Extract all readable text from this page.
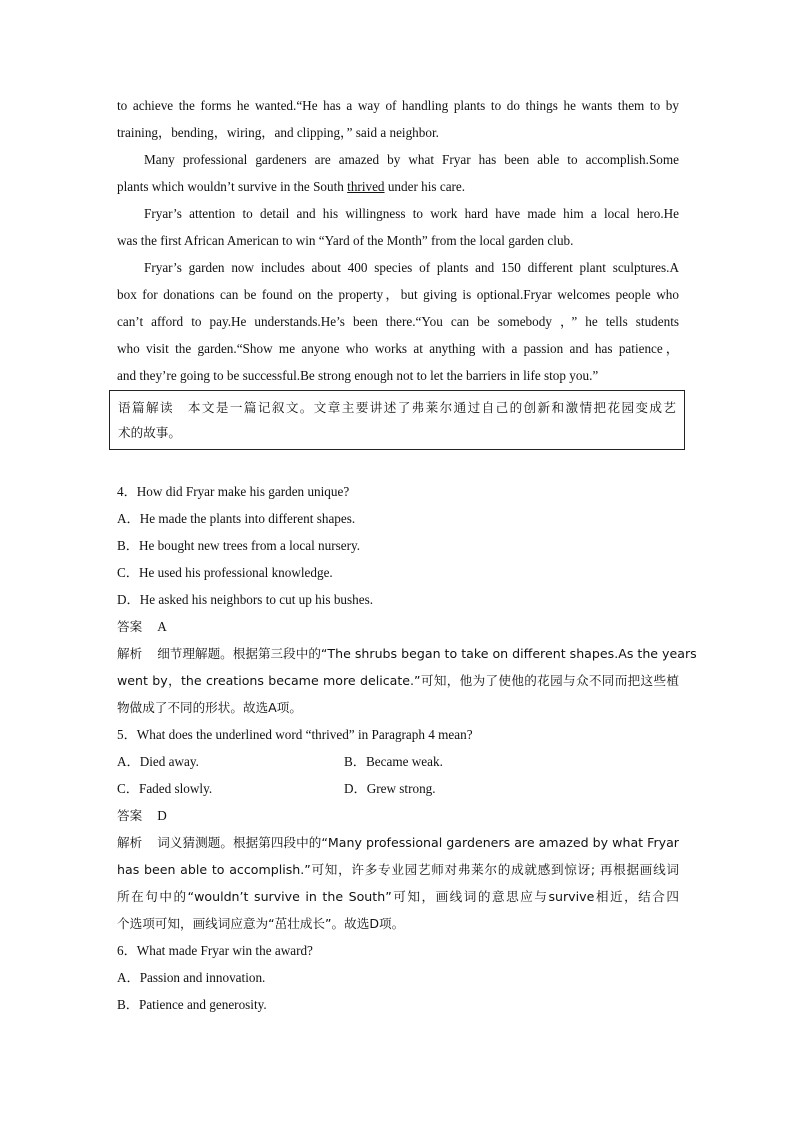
to achieve the forms he wanted.“He has a way of handling plants to do things he wants them to by
training，bending，wiring，and clipping，” said a neighbor.
Many professional gardeners are amazed by what Fryar has been able to accomplish.Some
plants which wouldn’t survive in the South thrived under his care.
Fryar’s attention to detail and his willingness to work hard have made him a local hero.He
was the first African American to win “Yard of the Month” from the local garden club.
Fryar’s garden now includes about 400 species of plants and 150 different plant sculptures.A
box for donations can be found on the property，but giving is optional.Fryar welcomes people who
can’t afford to pay.He understands.He’s been there.“You can be somebody ，” he tells students
who visit the garden.“Show me anyone who works at anything with a passion and has patience，
and they’re going to be successful.Be strong enough not to let the barriers in life stop you.”
语篇解读　本文是一篇记叙文。文章主要讲述了弗莱尔通过自己的创新和激情把花园变成艺
术的故事。
4．How did Fryar make his garden unique?
A．He made the plants into different shapes.
B．He bought new trees from a local nursery.
C．He used his professional knowledge.
D．He asked his neighbors to cut up his bushes.
答案 A
解析 细节理解题。根据第三段中的“The shrubs began to take on different shapes.As the years
went by，the creations became more delicate.”可知，他为了使他的花园与众不同而把这些植
物做成了不同的形状。故选A项。
5．What does the underlined word “thrived” in Paragraph 4 mean?
A．Died away.	B．Became weak.
C．Faded slowly.	D．Grew strong.
答案 D
解析 词义猜测题。根据第四段中的“Many professional gardeners are amazed by what Fryar
has been able to accomplish.”可知，许多专业园艺师对弗莱尔的成就感到惊讶; 再根据画线词
所在句中的“wouldn’t survive in the South”可知，画线词的意思应与survive相近，结合四
个选项可知，画线词应意为“茁壮成长”。故选D项。
6．What made Fryar win the award?
A．Passion and innovation.
B．Patience and generosity.
